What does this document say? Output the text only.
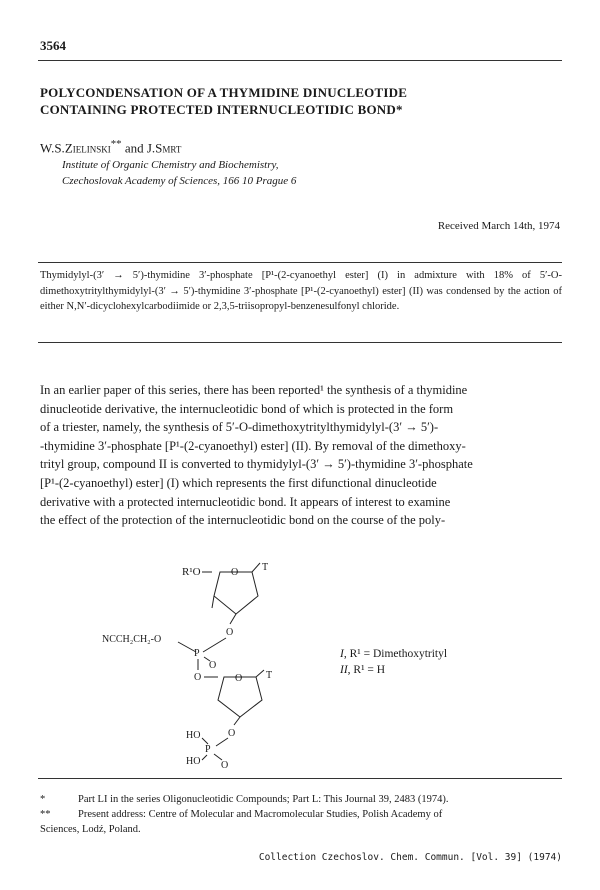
3564
POLYCONDENSATION OF A THYMIDINE DINUCLEOTIDE
CONTAINING PROTECTED INTERNUCLEOTIDIC BOND*
W.S.Zielinski** and J.Smrt
Institute of Organic Chemistry and Biochemistry,
Czechoslovak Academy of Sciences, 166 10 Prague 6
Received March 14th, 1974
Thymidylyl-(3′ → 5′)-thymidine 3′-phosphate [P¹-(2-cyanoethyl ester] (I) in admixture with 18% of 5′-O-dimethoxytritylthymidylyl-(3′ → 5′)-thymidine 3′-phosphate [P¹-(2-cyanoethyl) ester] (II) was condensed by the action of either N,N′-dicyclohexylcarbodiimide or 2,3,5-triisopropyl-benzenesulfonyl chloride.
In an earlier paper of this series, there has been reported¹ the synthesis of a thymidine
dinucleotide derivative, the internucleotidic bond of which is protected in the form
of a triester, namely, the synthesis of 5′-O-dimethoxytritylthymidylyl-(3′ → 5′)-
-thymidine 3′-phosphate [P¹-(2-cyanoethyl) ester] (II). By removal of the dimethoxy-
trityl group, compound II is converted to thymidylyl-(3′ → 5′)-thymidine 3′-phosphate
[P¹-(2-cyanoethyl) ester] (I) which represents the first difunctional dinucleotide
derivative with a protected internucleotidic bond. It appears of interest to examine
the effect of the protection of the internucleotidic bond on the course of the poly-
R¹O	O T
O
NCCH₂CH₂-O
P
O
O	O T
O
HO
P
HO O
I, R¹ = Dimethoxytrityl
II, R¹ = H
*	Part LI in the series Oligonucleotidic Compounds; Part L: This Journal 39, 2483 (1974).
**	Present address: Centre of Molecular and Macromolecular Studies, Polish Academy of
Sciences, Lodź, Poland.
Collection Czechoslov. Chem. Commun. [Vol. 39] (1974)
